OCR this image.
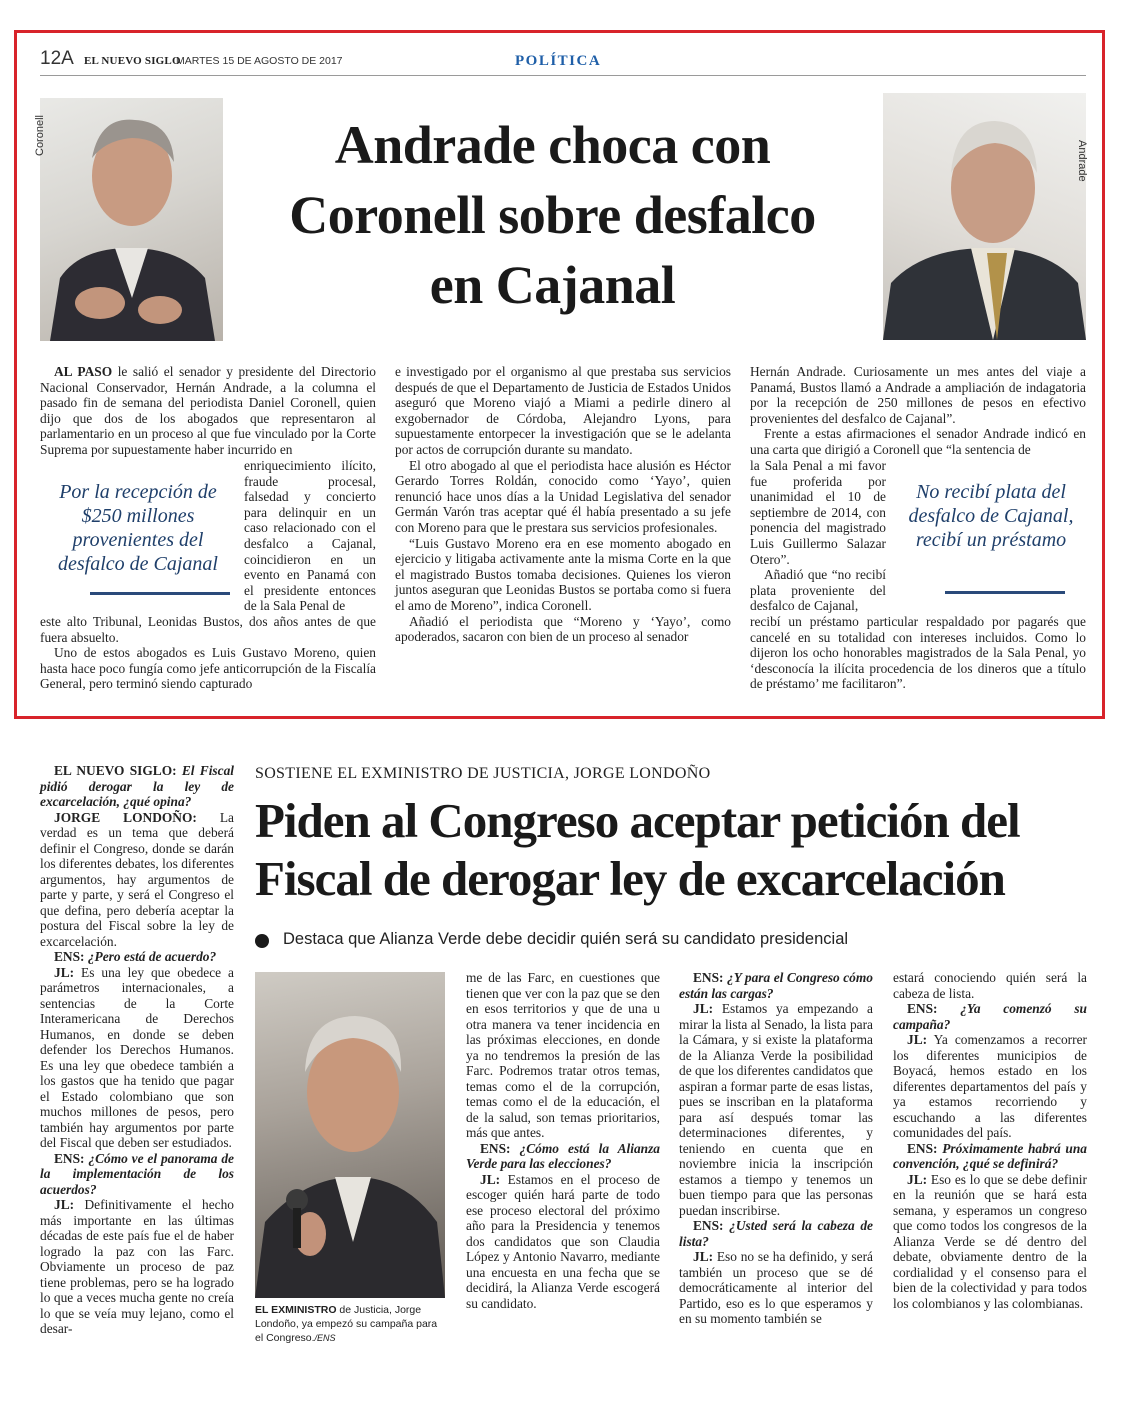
12A EL NUEVO SIGLO
MARTES 15 DE AGOSTO DE 2017	POLÍTICA
Coronell
Andrade
Andrade choca con
Coronell sobre desfalco
en Cajanal

AL PASO le salió el senador y presidente del Directorio Nacional Conservador, Hernán Andrade, a la columna el pasado fin de semana del periodista Daniel Coronell, quien dijo que dos de los abogados que representaron al parlamentario en un proceso al que fue vinculado por la Corte Suprema por supuestamente haber incurrido en

enriquecimiento ilícito, fraude procesal, falsedad y concierto para delinquir en un caso relacionado con el desfalco a Cajanal, coincidieron en un evento en Panamá con el presidente entonces de la Sala Penal de

Por la recepción de $250 millones provenientes del desfalco de Cajanal

este alto Tribunal, Leonidas Bustos, dos años antes de que fuera absuelto.

Uno de estos abogados es Luis Gustavo Moreno, quien hasta hace poco fungía como jefe anticorrupción de la Fiscalía General, pero terminó siendo capturado

e investigado por el organismo al que prestaba sus servicios después de que el Departamento de Justicia de Estados Unidos aseguró que Moreno viajó a Miami a pedirle dinero al exgobernador de Córdoba, Alejandro Lyons, para supuestamente entorpecer la investigación que se le adelanta por actos de corrupción durante su mandato.

El otro abogado al que el periodista hace alusión es Héctor Gerardo Torres Roldán, conocido como ‘Yayo’, quien renunció hace unos días a la Unidad Legislativa del senador Germán Varón tras aceptar qué él había presentado a su jefe con Moreno para que le prestara sus servicios profesionales.

“Luis Gustavo Moreno era en ese momento abogado en ejercicio y litigaba activamente ante la misma Corte en la que el magistrado Bustos tomaba decisiones. Quienes los vieron juntos aseguran que Leonidas Bustos se portaba como si fuera el amo de Moreno”, indica Coronell.

Añadió el periodista que “Moreno y ‘Yayo’, como apoderados, sacaron con bien de un proceso al senador

Hernán Andrade. Curiosamente un mes antes del viaje a Panamá, Bustos llamó a Andrade a ampliación de indagatoria por la recepción de 250 millones de pesos en efectivo provenientes del desfalco de Cajanal”.

Frente a estas afirmaciones el senador Andrade indicó en una carta que dirigió a Coronell que “la sentencia de

la Sala Penal a mi favor fue proferida por unanimidad el 10 de septiembre de 2014, con ponencia del magistrado Luis Guillermo Salazar Otero”.

Añadió que “no recibí plata proveniente del desfalco de Cajanal,

No recibí plata del desfalco de Cajanal, recibí un préstamo

recibí un préstamo particular respaldado por pagarés que cancelé en su totalidad con intereses incluidos. Como lo dijeron los ocho honorables magistrados de la Sala Penal, yo ‘desconocía la ilícita procedencia de los dineros que a título de préstamo’ me facilitaron”.

SOSTIENE EL EXMINISTRO DE JUSTICIA, JORGE LONDOÑO
Piden al Congreso aceptar petición del
Fiscal de derogar ley de excarcelación
Destaca que Alianza Verde debe decidir quién será su candidato presidencial
EL EXMINISTRO de Justicia, Jorge Londoño, ya empezó su campaña para el Congreso./ENS

EL NUEVO SIGLO: El Fiscal pidió derogar la ley de excarcelación, ¿qué opina?

JORGE LONDOÑO: La verdad es un tema que deberá definir el Congreso, donde se darán los diferentes debates, los diferentes argumentos, hay argumentos de parte y parte, y será el Congreso el que defina, pero debería aceptar la postura del Fiscal sobre la ley de excarcelación.

ENS: ¿Pero está de acuerdo?

JL: Es una ley que obedece a parámetros internacionales, a sentencias de la Corte Interamericana de Derechos Humanos, en donde se deben defender los Derechos Humanos. Es una ley que obedece también a los gastos que ha tenido que pagar el Estado colombiano que son muchos millones de pesos, pero también hay argumentos por parte del Fiscal que deben ser estudiados.

ENS: ¿Cómo ve el panorama de la implementación de los acuerdos?

JL: Definitivamente el hecho más importante en las últimas décadas de este país fue el de haber logrado la paz con las Farc. Obviamente un proceso de paz tiene problemas, pero se ha logrado lo que a veces mucha gente no creía lo que se veía muy lejano, como el desar-

me de las Farc, en cuestiones que tienen que ver con la paz que se den en esos territorios y que de una u otra manera va tener incidencia en las próximas elecciones, en donde ya no tendremos la presión de las Farc. Podremos tratar otros temas, temas como el de la corrupción, temas como el de la educación, el de la salud, son temas prioritarios, más que antes.

ENS: ¿Cómo está la Alianza Verde para las elecciones?

JL: Estamos en el proceso de escoger quién hará parte de todo ese proceso electoral del próximo año para la Presidencia y tenemos dos candidatos que son Claudia López y Antonio Navarro, mediante una encuesta en una fecha que se decidirá, la Alianza Verde escogerá su candidato.

ENS: ¿Y para el Congreso cómo están las cargas?

JL: Estamos ya empezando a mirar la lista al Senado, la lista para la Cámara, y si existe la plataforma de la Alianza Verde la posibilidad de que los diferentes candidatos que aspiran a formar parte de esas listas, pues se inscriban en la plataforma para así después tomar las determinaciones diferentes, y teniendo en cuenta que en noviembre inicia la inscripción estamos a tiempo y tenemos un buen tiempo para que las personas puedan inscribirse.

ENS: ¿Usted será la cabeza de lista?

JL: Eso no se ha definido, y será también un proceso que se dé democráticamente al interior del Partido, eso es lo que esperamos y en su momento también se

estará conociendo quién será la cabeza de lista.

ENS: ¿Ya comenzó su campaña?

JL: Ya comenzamos a recorrer los diferentes municipios de Boyacá, hemos estado en los diferentes departamentos del país y ya estamos recorriendo y escuchando a las diferentes comunidades del país.

ENS: Próximamente habrá una convención, ¿qué se definirá?

JL: Eso es lo que se debe definir en la reunión que se hará esta semana, y esperamos un congreso que como todos los congresos de la Alianza Verde se dé dentro del debate, obviamente dentro de la cordialidad y el consenso para el bien de la colectividad y para todos los colombianos y las colombianas.
